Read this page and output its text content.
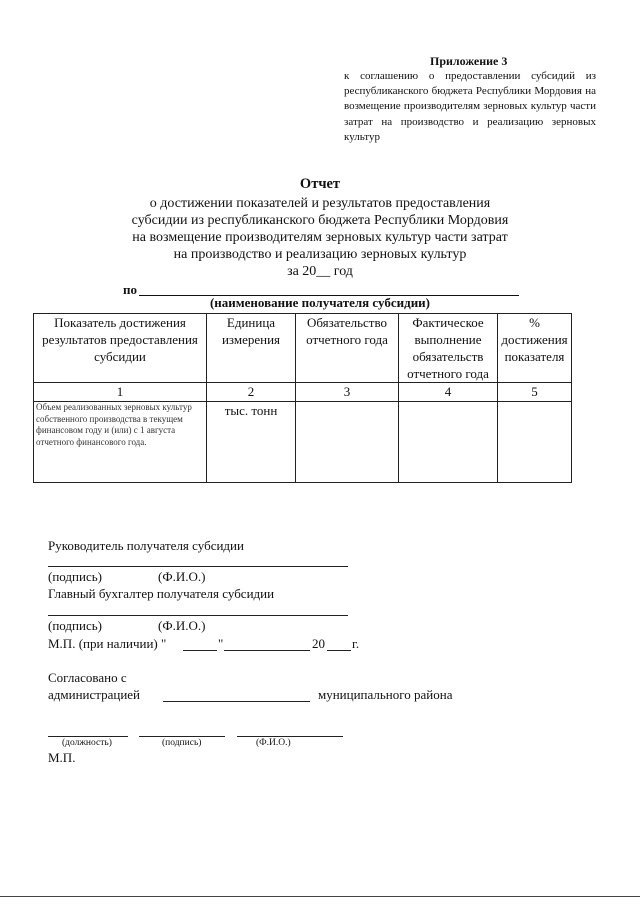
Приложение 3
к соглашению о предоставлении субсидий из республиканского бюджета Республики Мордовия на возмещение производителям зерновых культур части затрат на производство и реализацию зерновых культур
Отчет
о достижении показателей и результатов предоставления
субсидии из республиканского бюджета Республики Мордовия
на возмещение производителям зерновых культур части затрат
на производство и реализацию зерновых культур
за 20__ год
по
(наименование получателя субсидии)
Показатель достижения результатов предоставления субсидии	Единица измерения	Обязательство отчетного года	Фактическое выполнение обязательств отчетного года	% достижения показателя
1	2	3	4	5
Объем реализованных зерновых культур собственного производства в текущем финансовом году и (или) с 1 августа отчетного финансового года.	тыс. тонн			
Руководитель получателя субсидии
(подпись)	(Ф.И.О.)
Главный бухгалтер получателя субсидии
(подпись)	(Ф.И.О.)
М.П. (при наличии) "	"	20 г.
Согласовано с
администрацией	муниципального района
(должность)	(подпись)	(Ф.И.О.)
М.П.
